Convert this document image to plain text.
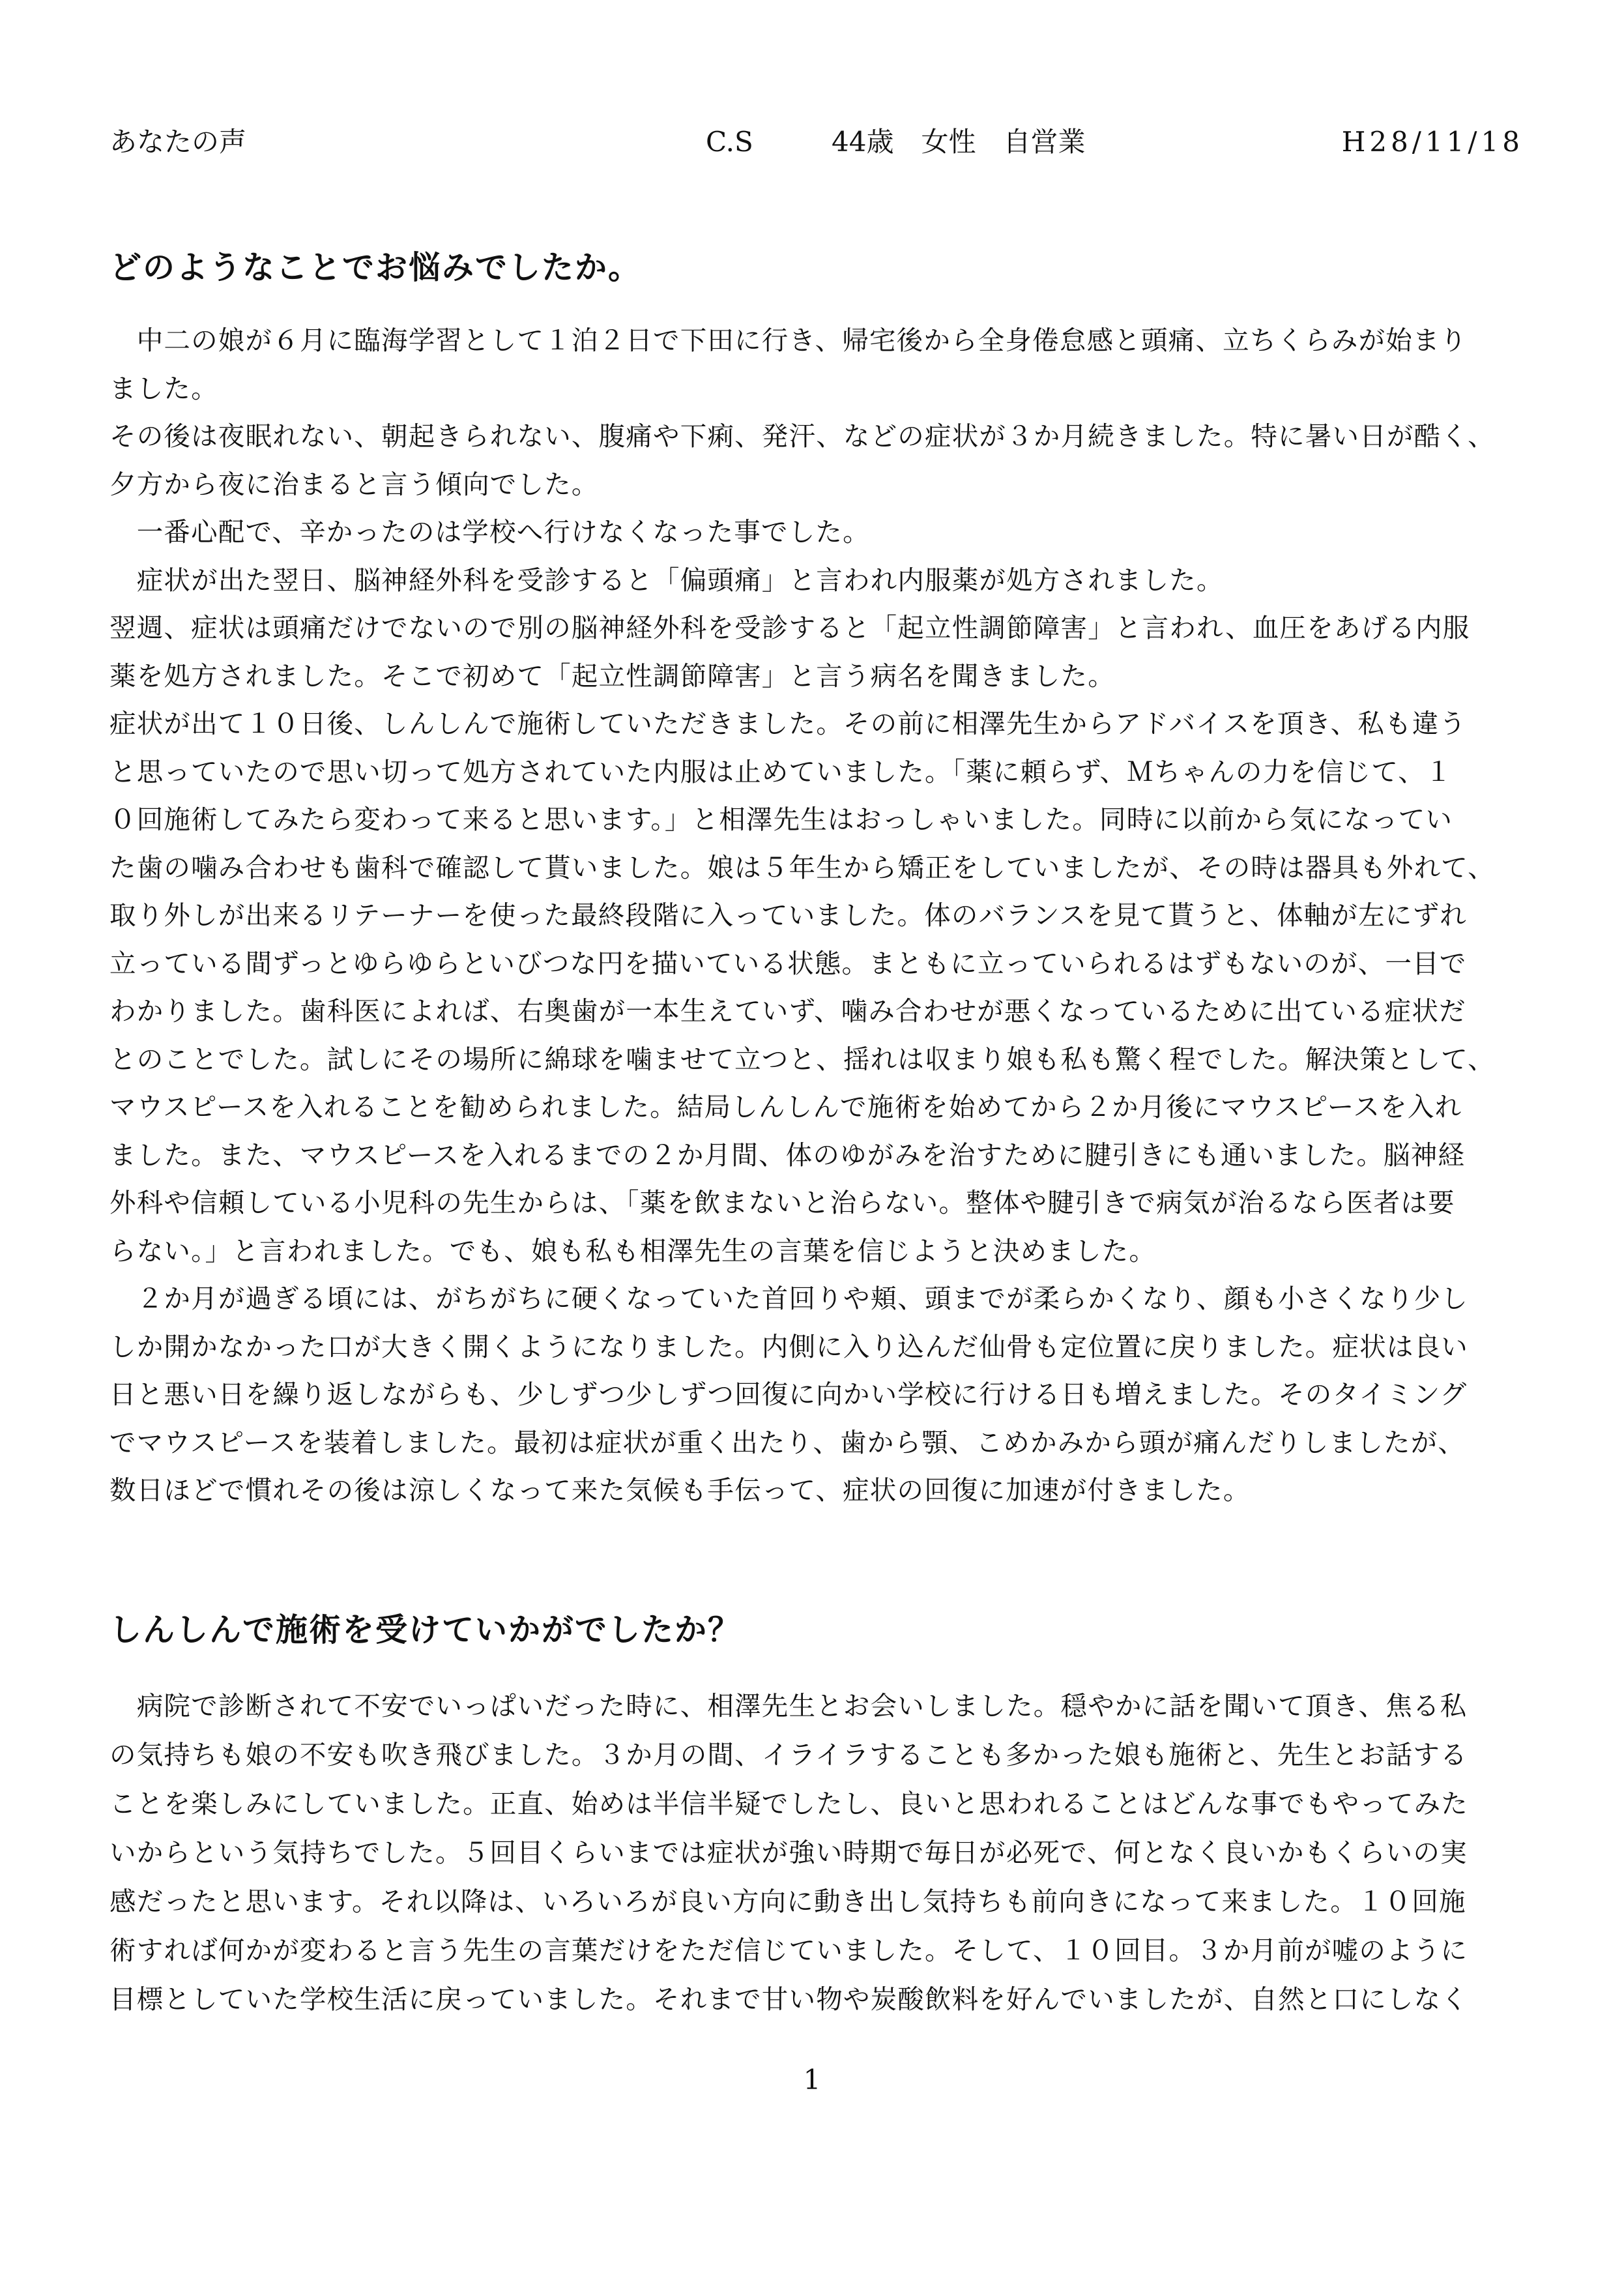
あなたの声	C.S	44歳　女性　自営業	H28/11/18
どのようなことでお悩みでしたか。
　中二の娘が６月に臨海学習として１泊２日で下田に行き、帰宅後から全身倦怠感と頭痛、立ちくらみが始まり
ました。
その後は夜眠れない、朝起きられない、腹痛や下痢、発汗、などの症状が３か月続きました。特に暑い日が酷く、
夕方から夜に治まると言う傾向でした。
　一番心配で、辛かったのは学校へ行けなくなった事でした。
　症状が出た翌日、脳神経外科を受診すると「偏頭痛」と言われ内服薬が処方されました。
翌週、症状は頭痛だけでないので別の脳神経外科を受診すると「起立性調節障害」と言われ、血圧をあげる内服
薬を処方されました。そこで初めて「起立性調節障害」と言う病名を聞きました。
症状が出て１０日後、しんしんで施術していただきました。その前に相澤先生からアドバイスを頂き、私も違う
と思っていたので思い切って処方されていた内服は止めていました。「薬に頼らず、Ｍちゃんの力を信じて、１
０回施術してみたら変わって来ると思います。」と相澤先生はおっしゃいました。同時に以前から気になってい
た歯の噛み合わせも歯科で確認して貰いました。娘は５年生から矯正をしていましたが、その時は器具も外れて、
取り外しが出来るリテーナーを使った最終段階に入っていました。体のバランスを見て貰うと、体軸が左にずれ
立っている間ずっとゆらゆらといびつな円を描いている状態。まともに立っていられるはずもないのが、一目で
わかりました。歯科医によれば、右奥歯が一本生えていず、噛み合わせが悪くなっているために出ている症状だ
とのことでした。試しにその場所に綿球を噛ませて立つと、揺れは収まり娘も私も驚く程でした。解決策として、
マウスピースを入れることを勧められました。結局しんしんで施術を始めてから２か月後にマウスピースを入れ
ました。また、マウスピースを入れるまでの２か月間、体のゆがみを治すために腱引きにも通いました。脳神経
外科や信頼している小児科の先生からは、「薬を飲まないと治らない。整体や腱引きで病気が治るなら医者は要
らない。」と言われました。でも、娘も私も相澤先生の言葉を信じようと決めました。
　２か月が過ぎる頃には、がちがちに硬くなっていた首回りや頬、頭までが柔らかくなり、顔も小さくなり少し
しか開かなかった口が大きく開くようになりました。内側に入り込んだ仙骨も定位置に戻りました。症状は良い
日と悪い日を繰り返しながらも、少しずつ少しずつ回復に向かい学校に行ける日も増えました。そのタイミング
でマウスピースを装着しました。最初は症状が重く出たり、歯から顎、こめかみから頭が痛んだりしましたが、
数日ほどで慣れその後は涼しくなって来た気候も手伝って、症状の回復に加速が付きました。
しんしんで施術を受けていかがでしたか？
　病院で診断されて不安でいっぱいだった時に、相澤先生とお会いしました。穏やかに話を聞いて頂き、焦る私
の気持ちも娘の不安も吹き飛びました。３か月の間、イライラすることも多かった娘も施術と、先生とお話する
ことを楽しみにしていました。正直、始めは半信半疑でしたし、良いと思われることはどんな事でもやってみた
いからという気持ちでした。５回目くらいまでは症状が強い時期で毎日が必死で、何となく良いかもくらいの実
感だったと思います。それ以降は、いろいろが良い方向に動き出し気持ちも前向きになって来ました。１０回施
術すれば何かが変わると言う先生の言葉だけをただ信じていました。そして、１０回目。３か月前が嘘のように
目標としていた学校生活に戻っていました。それまで甘い物や炭酸飲料を好んでいましたが、自然と口にしなく
1
